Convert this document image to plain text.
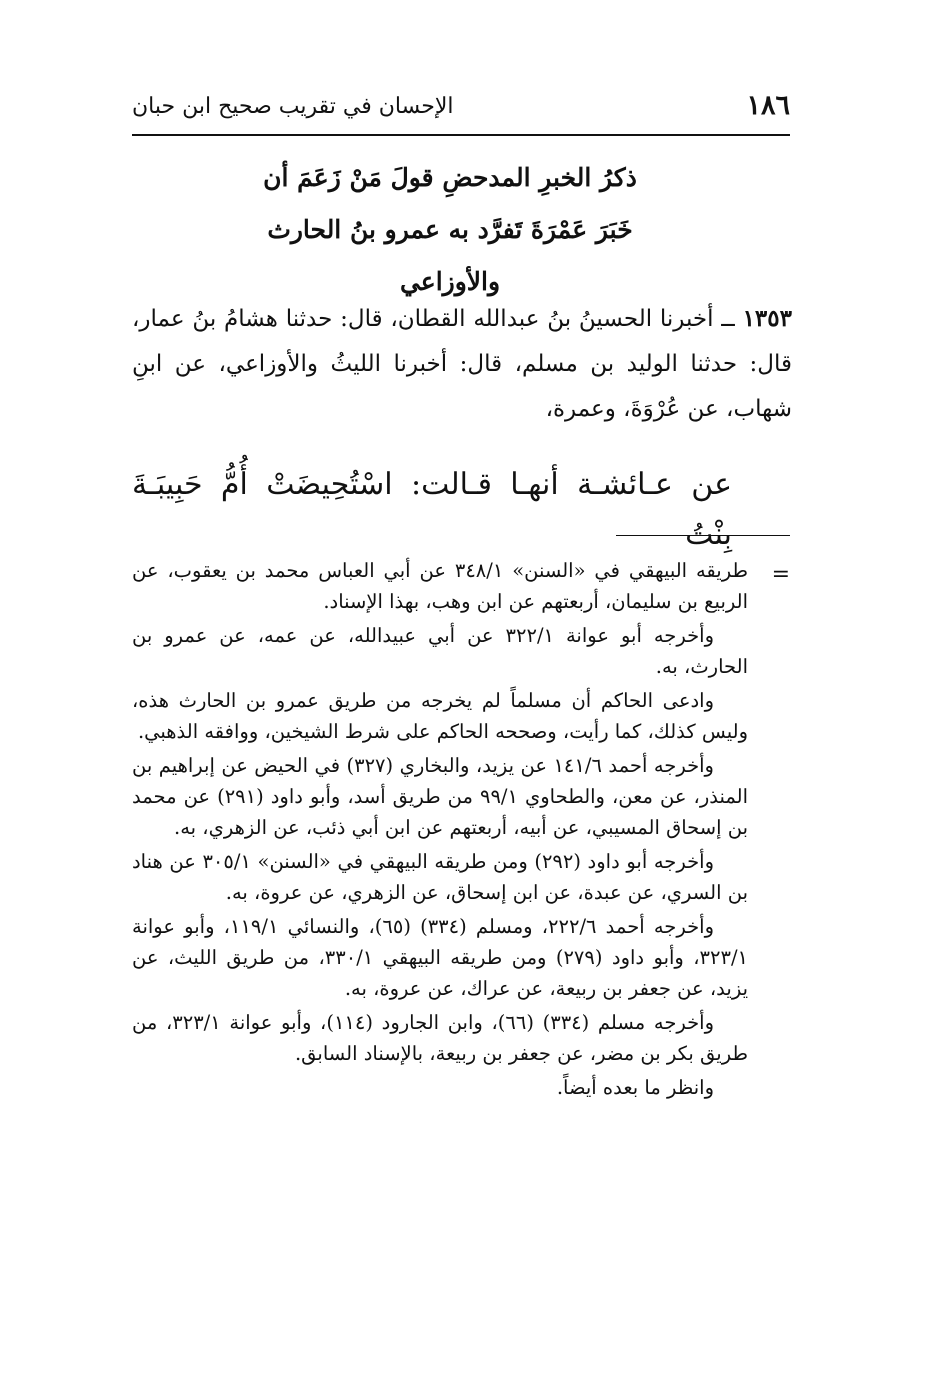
١٨٦
الإحسان في تقريب صحيح ابن حبان
ذكرُ الخبرِ المدحضِ قولَ مَنْ زَعَمَ أن
خَبَرَ عَمْرَةَ تَفرَّد به عمرو بنُ الحارث
والأوزاعي

١٣٥٣ ــ أخبرنا الحسينُ بنُ عبدالله القطان، قال: حدثنا هشامُ بنُ عمار، قال: حدثنا الوليد بن مسلم، قال: أخبرنا الليثُ والأوزاعي، عن ابنِ شهاب، عن عُرْوَةَ، وعمرة،

عن عـائشـة أنهـا قـالت: اسْتُحِيضَتْ أُمُّ حَبِيبَـةَ بِنْتُ

=

طريقه البيهقي في «السنن» ٣٤٨/١ عن أبي العباس محمد بن يعقوب، عن الربيع بن سليمان، أربعتهم عن ابن وهب، بهذا الإسناد.

وأخرجه أبو عوانة ٣٢٢/١ عن أبي عبيدالله، عن عمه، عن عمرو بن الحارث، به.

وادعى الحاكم أن مسلماً لم يخرجه من طريق عمرو بن الحارث هذه، وليس كذلك، كما رأيت، وصححه الحاكم على شرط الشيخين، ووافقه الذهبي.

وأخرجه أحمد ١٤١/٦ عن يزيد، والبخاري (٣٢٧) في الحيض عن إبراهيم بن المنذر، عن معن، والطحاوي ٩٩/١ من طريق أسد، وأبو داود (٢٩١) عن محمد بن إسحاق المسيبي، عن أبيه، أربعتهم عن ابن أبي ذئب، عن الزهري، به.

وأخرجه أبو داود (٢٩٢) ومن طريقه البيهقي في «السنن» ٣٠٥/١ عن هناد بن السري، عن عبدة، عن ابن إسحاق، عن الزهري، عن عروة، به.

وأخرجه أحمد ٢٢٢/٦، ومسلم (٣٣٤) (٦٥)، والنسائي ١١٩/١، وأبو عوانة ٣٢٣/١، وأبو داود (٢٧٩) ومن طريقه البيهقي ٣٣٠/١، من طريق الليث، عن يزيد، عن جعفر بن ربيعة، عن عراك، عن عروة، به.

وأخرجه مسلم (٣٣٤) (٦٦)، وابن الجارود (١١٤)، وأبو عوانة ٣٢٣/١، من طريق بكر بن مضر، عن جعفر بن ربيعة، بالإسناد السابق.

وانظر ما بعده أيضاً.
